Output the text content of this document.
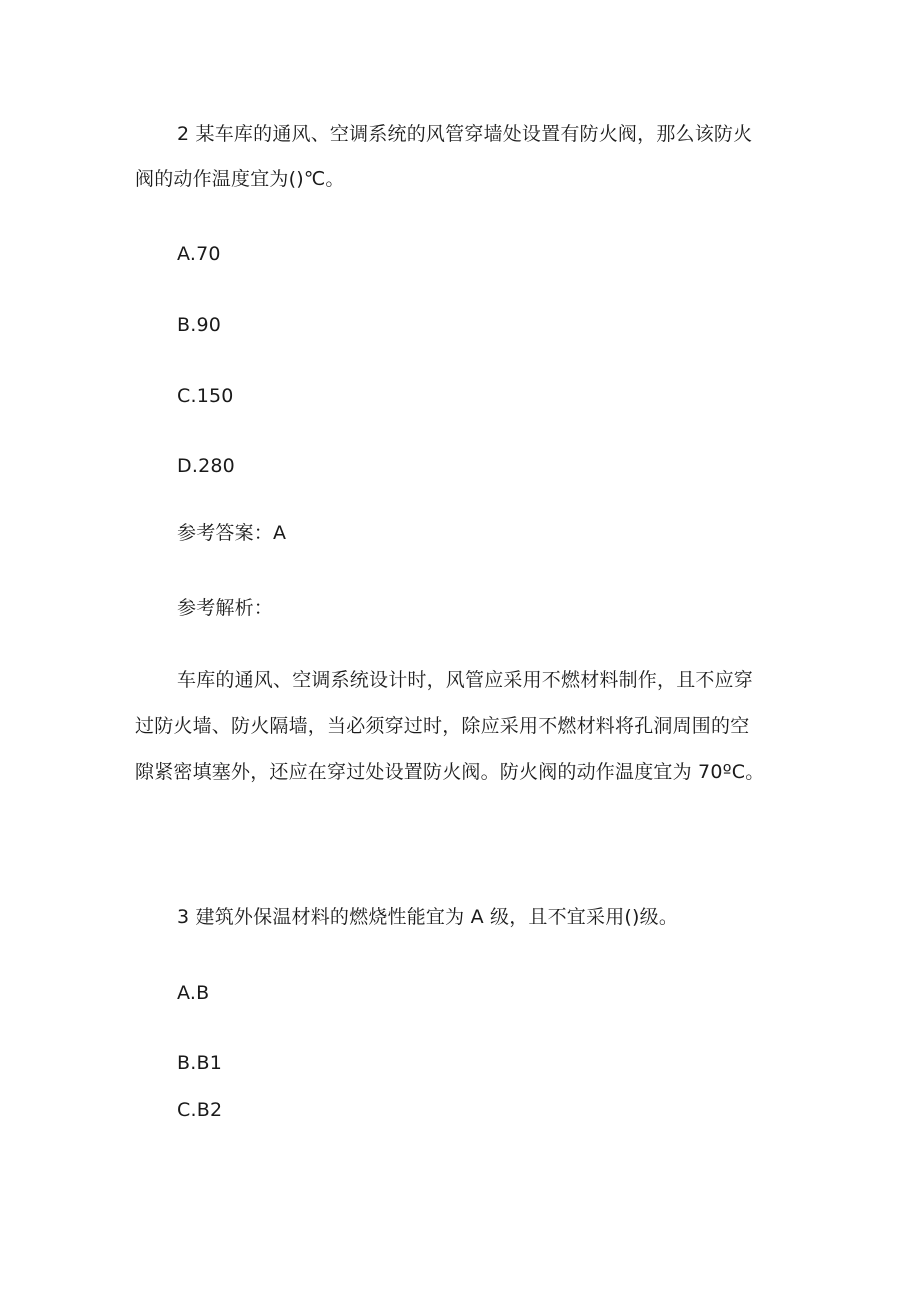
2 某车库的通风、空调系统的风管穿墙处设置有防火阀，那么该防火
阀的动作温度宜为()℃。
A.70
B.90
C.150
D.280
参考答案：A
参考解析：
车库的通风、空调系统设计时，风管应采用不燃材料制作，且不应穿
过防火墙、防火隔墙，当必须穿过时，除应采用不燃材料将孔洞周围的空
隙紧密填塞外，还应在穿过处设置防火阀。防火阀的动作温度宜为 70ºC。
3 建筑外保温材料的燃烧性能宜为 A 级，且不宜采用()级。
A.B
B.B1
C.B2
